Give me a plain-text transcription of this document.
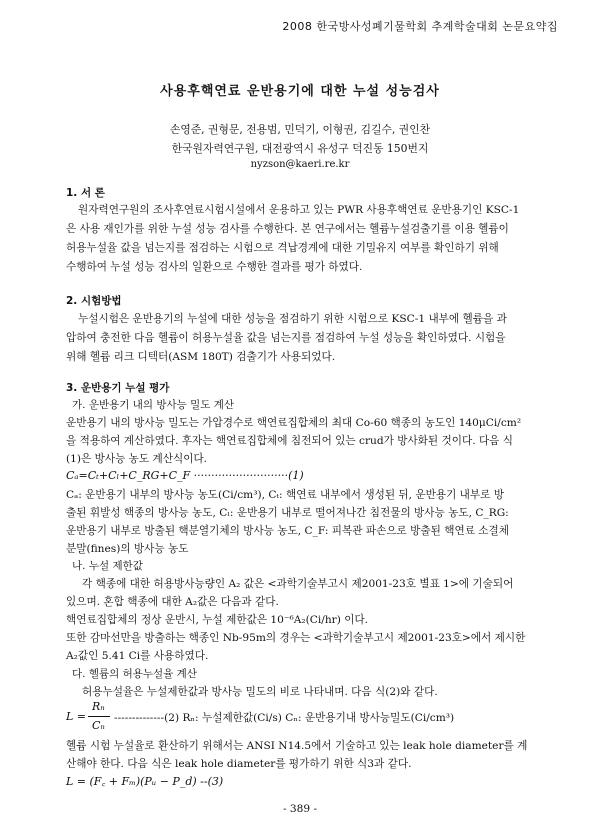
2008 한국방사성폐기물학회 추계학술대회 논문요약집
사용후핵연료 운반용기에 대한 누설 성능검사
손영준, 권형문, 전용범, 민덕기, 이형권, 김길수, 권인찬
한국원자력연구원, 대전광역시 유성구 덕진동 150번지
nyzson@kaeri.re.kr
1. 서 론
원자력연구원의 조사후연료시험시설에서 운용하고 있는 PWR 사용후핵연료 운반용기인 KSC-1
은 사용 재인가를 위한 누설 성능 검사를 수행한다. 본 연구에서는 헬륨누설검출기를 이용 헬륨이
허용누설율 값을 넘는지를 점검하는 시험으로 격납경계에 대한 기밀유지 여부를 확인하기 위해
수행하여 누설 성능 검사의 일환으로 수행한 결과를 평가 하였다.
2. 시험방법
누설시험은 운반용기의 누설에 대한 성능을 점검하기 위한 시험으로 KSC-1 내부에 헬륨을 과
압하여 충전한 다음 헬륨이 허용누설율 값을 넘는지를 점검하여 누설 성능을 확인하였다. 시험을
위해 헬륨 리크 디텍터(ASM 180T) 검출기가 사용되었다.
3. 운반용기 누설 평가
가. 운반용기 내의 방사능 밀도 계산
운반용기 내의 방사능 밀도는 가압경수로 핵연료집합체의 최대 Co-60 핵종의 농도인 140μCi/cm²
을 적용하여 계산하였다. 후자는 핵연료집합체에 침전되어 있는 crud가 방사화된 것이다. 다음 식
(1)은 방사능 농도 계산식이다.
Cₐ=Cₜ+Cₗ+C_RG+C_F ···························(1)
Cₐ: 운반용기 내부의 방사능 농도(Ci/cm³), Cₜ: 핵연료 내부에서 생성된 뒤, 운반용기 내부로 방
출된 휘발성 핵종의 방사능 농도, Cₗ: 운반용기 내부로 떨어져나간 침전물의 방사능 농도, C_RG:
운반용기 내부로 방출된 핵분열기체의 방사능 농도, C_F: 피복관 파손으로 방출된 핵연료 소결체
분말(fines)의 방사능 농도
나. 누설 제한값
각 핵종에 대한 허용방사능량인 A₂ 값은 <과학기술부고시 제2001-23호 별표 1>에 기술되어
있으며. 혼합 핵종에 대한 A₂값은 다음과 같다.
핵연료집합체의 정상 운반시, 누설 제한값은 10⁻⁶A₂(Ci/hr) 이다.
또한 감마선만을 방출하는 핵종인 Nb-95m의 경우는 <과학기술부고시 제2001-23호>에서 제시한
A₂값인 5.41 Ci를 사용하였다.
다. 헬륨의 허용누설율 계산
허용누설율은 누설제한값과 방사능 밀도의 비로 나타내며. 다음 식(2)와 같다.
L =
Rₙ
Cₙ
--------------(2) Rₙ: 누설제한값(Ci/s) Cₙ: 운반용기내 방사능밀도(Ci/cm³)
헬륨 시험 누설율로 환산하기 위해서는 ANSI N14.5에서 기술하고 있는 leak hole diameter를 계
산해야 한다. 다음 식은 leak hole diameter를 평가하기 위한 식3과 같다.
L = (F꜀ + Fₘ)(Pᵤ − P_d) --(3)
- 389 -
